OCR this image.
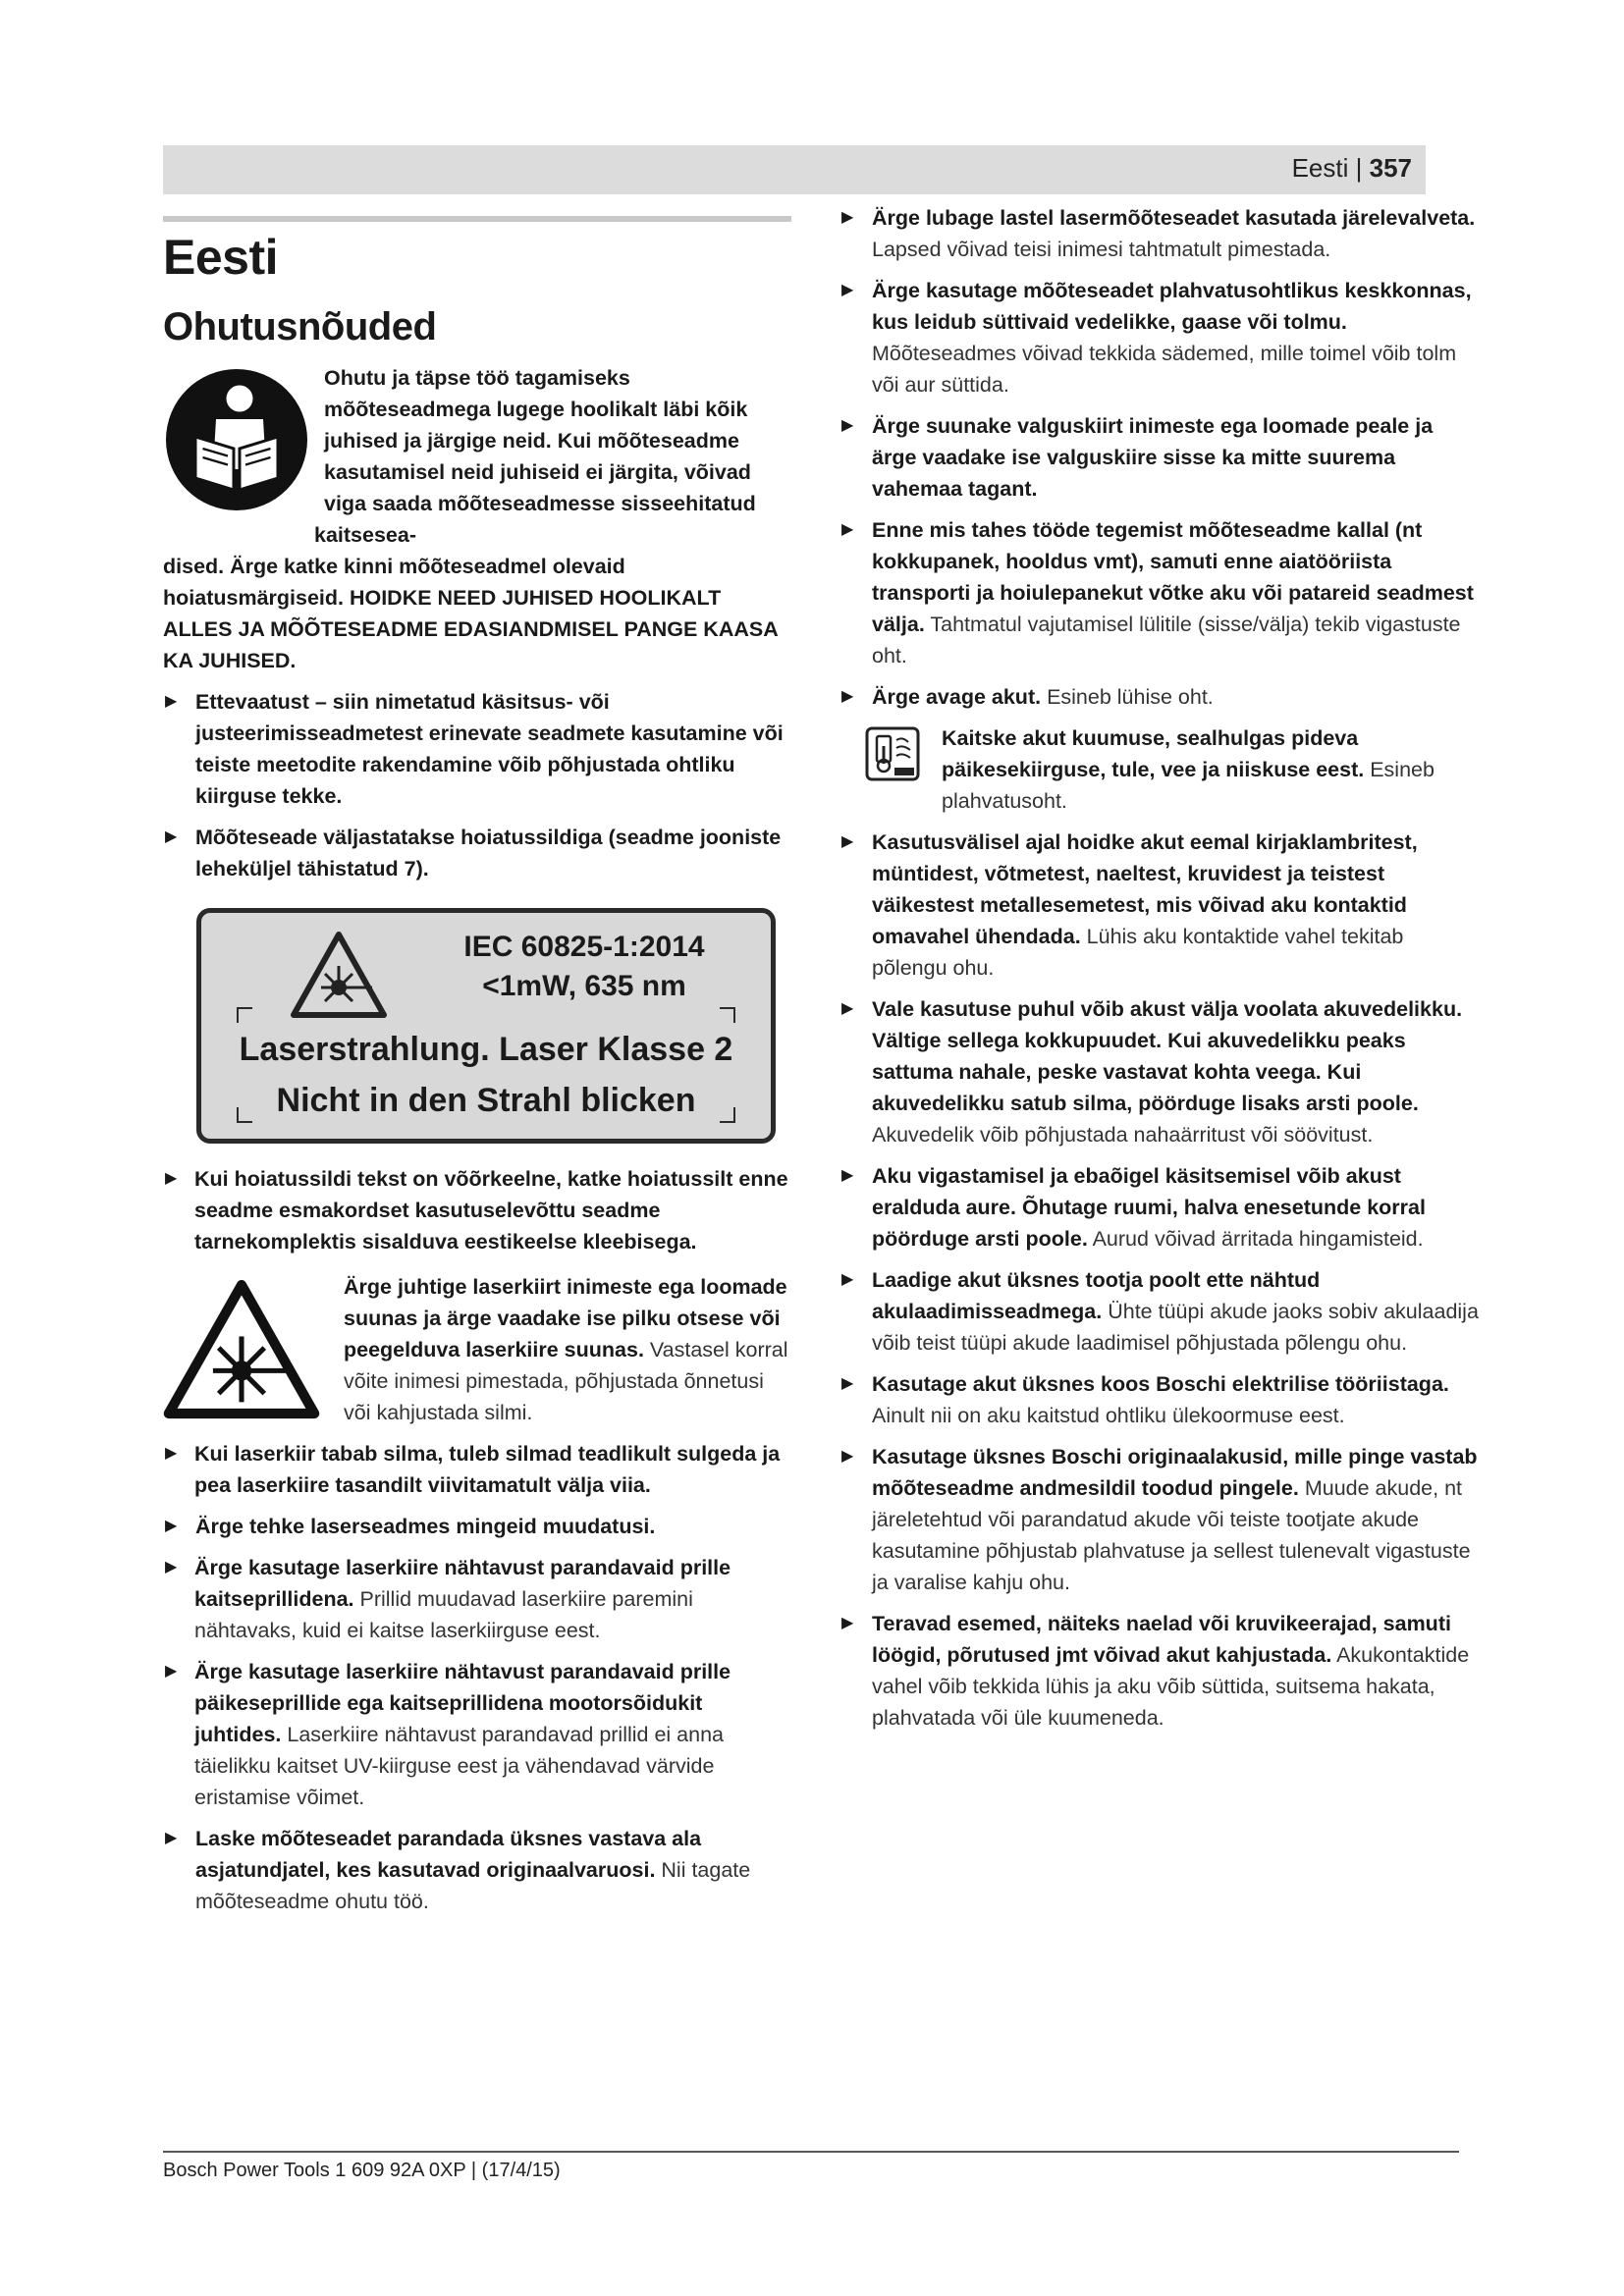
Eesti | 357
Eesti
Ohutusnõuded
Ohutu ja täpse töö tagamiseks mõõteseadmega lugege hoolikalt läbi kõik juhised ja järgige neid. Kui mõõteseadme kasutamisel neid juhiseid ei järgita, võivad viga saada mõõteseadmesse sisseehitatud kaitsesea-
dised. Ärge katke kinni mõõteseadmel olevaid hoiatusmärgiseid. HOIDKE NEED JUHISED HOOLIKALT ALLES JA MÕÕTESEADME EDASIANDMISEL PANGE KAASA KA JUHISED.
▶ Ettevaatust – siin nimetatud käsitsus- või justeerimisseadmetest erinevate seadmete kasutamine või teiste meetodite rakendamine võib põhjustada ohtliku kiirguse tekke.
▶ Mõõteseade väljastatakse hoiatussildiga (seadme jooniste leheküljel tähistatud 7).
IEC 60825-1:2014
<1mW, 635 nm
Laserstrahlung. Laser Klasse 2
Nicht in den Strahl blicken
▶ Kui hoiatussildi tekst on võõrkeelne, katke hoiatussilt enne seadme esmakordset kasutuselevõttu seadme tarnekomplektis sisalduva eestikeelse kleebisega.
Ärge juhtige laserkiirt inimeste ega loomade suunas ja ärge vaadake ise pilku otsese või peegelduva laserkiire suunas. Vastasel korral võite inimesi pimestada, põhjustada õnnetusi või kahjustada silmi.
▶ Kui laserkiir tabab silma, tuleb silmad teadlikult sulgeda ja pea laserkiire tasandilt viivitamatult välja viia.
▶ Ärge tehke laserseadmes mingeid muudatusi.
▶ Ärge kasutage laserkiire nähtavust parandavaid prille kaitseprillidena. Prillid muudavad laserkiire paremini nähtavaks, kuid ei kaitse laserkiirguse eest.
▶ Ärge kasutage laserkiire nähtavust parandavaid prille päikeseprillide ega kaitseprillidena mootorsõidukit juhtides. Laserkiire nähtavust parandavad prillid ei anna täielikku kaitset UV-kiirguse eest ja vähendavad värvide eristamise võimet.
▶ Laske mõõteseadet parandada üksnes vastava ala asjatundjatel, kes kasutavad originaalvaruosi. Nii tagate mõõteseadme ohutu töö.
▶ Ärge lubage lastel lasermõõteseadet kasutada järelevalveta. Lapsed võivad teisi inimesi tahtmatult pimestada.
▶ Ärge kasutage mõõteseadet plahvatusohtlikus keskkonnas, kus leidub süttivaid vedelikke, gaase või tolmu. Mõõteseadmes võivad tekkida sädemed, mille toimel võib tolm või aur süttida.
▶ Ärge suunake valguskiirt inimeste ega loomade peale ja ärge vaadake ise valguskiire sisse ka mitte suurema vahemaa tagant.
▶ Enne mis tahes tööde tegemist mõõteseadme kallal (nt kokkupanek, hooldus vmt), samuti enne aiatööriista transporti ja hoiulepanekut võtke aku või patareid seadmest välja. Tahtmatul vajutamisel lülitile (sisse/välja) tekib vigastuste oht.
▶ Ärge avage akut. Esineb lühise oht.
Kaitske akut kuumuse, sealhulgas pideva päikesekiirguse, tule, vee ja niiskuse eest. Esineb plahvatusoht.
▶ Kasutusvälisel ajal hoidke akut eemal kirjaklambritest, müntidest, võtmetest, naeltest, kruvidest ja teistest väikestest metallesemetest, mis võivad aku kontaktid omavahel ühendada. Lühis aku kontaktide vahel tekitab põlengu ohu.
▶ Vale kasutuse puhul võib akust välja voolata akuvedelikku. Vältige sellega kokkupuudet. Kui akuvedelikku peaks sattuma nahale, peske vastavat kohta veega. Kui akuvedelikku satub silma, pöörduge lisaks arsti poole. Akuvedelik võib põhjustada nahaärritust või söövitust.
▶ Aku vigastamisel ja ebaõigel käsitsemisel võib akust eralduda aure. Õhutage ruumi, halva enesetunde korral pöörduge arsti poole. Aurud võivad ärritada hingamisteid.
▶ Laadige akut üksnes tootja poolt ette nähtud akulaadimisseadmega. Ühte tüüpi akude jaoks sobiv akulaadija võib teist tüüpi akude laadimisel põhjustada põlengu ohu.
▶ Kasutage akut üksnes koos Boschi elektrilise tööriistaga. Ainult nii on aku kaitstud ohtliku ülekoormuse eest.
▶ Kasutage üksnes Boschi originaalakusid, mille pinge vastab mõõteseadme andmesildil toodud pingele. Muude akude, nt järeletehtud või parandatud akude või teiste tootjate akude kasutamine põhjustab plahvatuse ja sellest tulenevalt vigastuste ja varalise kahju ohu.
▶ Teravad esemed, näiteks naelad või kruvikeerajad, samuti löögid, põrutused jmt võivad akut kahjustada. Akukontaktide vahel võib tekkida lühis ja aku võib süttida, suitsema hakata, plahvatada või üle kuumeneda.
Bosch Power Tools 1 609 92A 0XP | (17/4/15)
